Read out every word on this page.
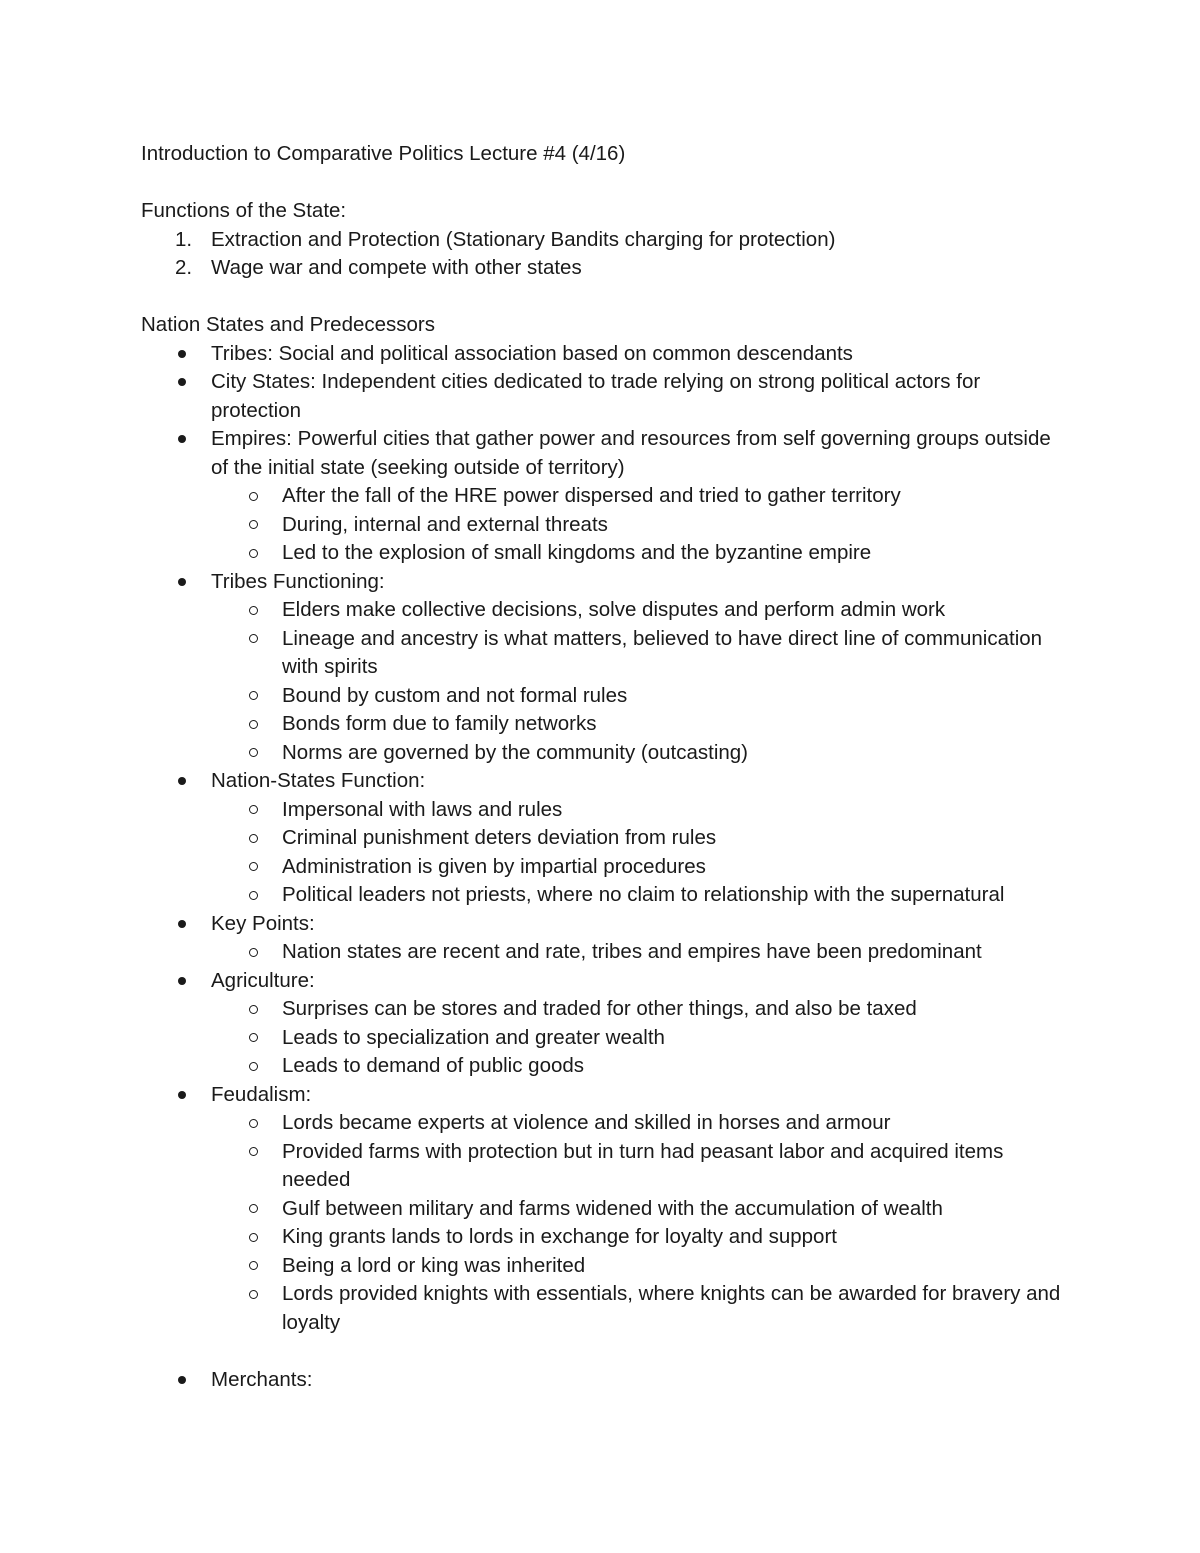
Introduction to Comparative Politics Lecture #4 (4/16)

Functions of the State:

1. Extraction and Protection (Stationary Bandits charging for protection)
2. Wage war and compete with other states

Nation States and Predecessors

Tribes: Social and political association based on common descendants
City States: Independent cities dedicated to trade relying on strong political actors for protection
Empires: Powerful cities that gather power and resources from self governing groups outside of the initial state (seeking outside of territory)
After the fall of the HRE power dispersed and tried to gather territory
During, internal and external threats
Led to the explosion of small kingdoms and the byzantine empire
Tribes Functioning:
Elders make collective decisions, solve disputes and perform admin work
Lineage and ancestry is what matters, believed to have direct line of communication with spirits
Bound by custom and not formal rules
Bonds form due to family networks
Norms are governed by the community (outcasting)
Nation-States Function:
Impersonal with laws and rules
Criminal punishment deters deviation from rules
Administration is given by impartial procedures
Political leaders not priests, where no claim to relationship with the supernatural
Key Points:
Nation states are recent and rate, tribes and empires have been predominant
Agriculture:
Surprises can be stores and traded for other things, and also be taxed
Leads to specialization and greater wealth
Leads to demand of public goods
Feudalism:
Lords became experts at violence and skilled in horses and armour
Provided farms with protection but in turn had peasant labor and acquired items needed
Gulf between military and farms widened with the accumulation of wealth
King grants lands to lords in exchange for loyalty and support
Being a lord or king was inherited
Lords provided knights with essentials, where knights can be awarded for bravery and loyalty
Merchants:
